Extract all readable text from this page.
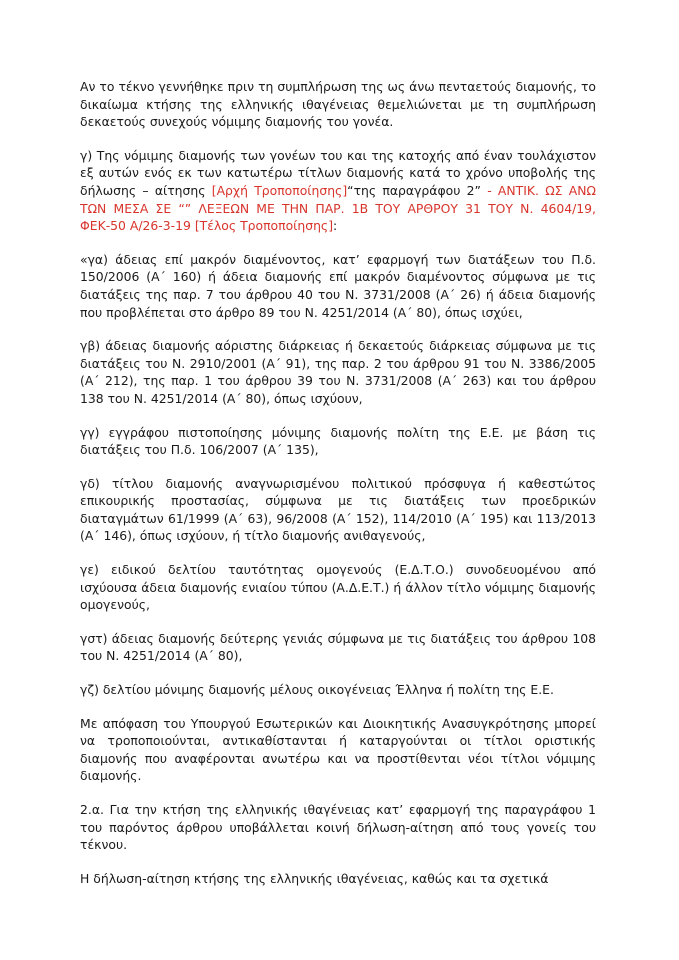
Αν το τέκνο γεννήθηκε πριν τη συμπλήρωση της ως άνω πενταετούς διαμονής, το δικαίωμα κτήσης της ελληνικής ιθαγένειας θεμελιώνεται με τη συμπλήρωση δεκαετούς συνεχούς νόμιμης διαμονής του γονέα.

γ) Της νόμιμης διαμονής των γονέων του και της κατοχής από έναν τουλάχιστον εξ αυτών ενός εκ των κατωτέρω τίτλων διαμονής κατά το χρόνο υποβολής της δήλωσης – αίτησης [Αρχή Τροποποίησης]“της παραγράφου 2” - ΑΝΤΙΚ. ΩΣ ΑΝΩ ΤΩΝ ΜΕΣΑ ΣΕ “” ΛΕΞΕΩΝ ΜΕ ΤΗΝ ΠΑΡ. 1Β ΤΟΥ ΑΡΘΡΟΥ 31 ΤΟΥ Ν. 4604/19, ΦΕΚ-50 Α/26-3-19 [Τέλος Τροποποίησης]:

«γα) άδειας επί μακρόν διαμένοντος, κατ’ εφαρμογή των διατάξεων του Π.δ. 150/2006 (Α΄ 160) ή άδεια διαμονής επί μακρόν διαμένοντος σύμφωνα με τις διατάξεις της παρ. 7 του άρθρου 40 του Ν. 3731/2008 (Α΄ 26) ή άδεια διαμονής που προβλέπεται στο άρθρο 89 του Ν. 4251/2014 (Α΄ 80), όπως ισχύει,

γβ) άδειας διαμονής αόριστης διάρκειας ή δεκαετούς διάρκειας σύμφωνα με τις διατάξεις του Ν. 2910/2001 (Α΄ 91), της παρ. 2 του άρθρου 91 του Ν. 3386/2005 (Α΄ 212), της παρ. 1 του άρθρου 39 του Ν. 3731/2008 (Α΄ 263) και του άρθρου 138 του Ν. 4251/2014 (Α΄ 80), όπως ισχύουν,

γγ) εγγράφου πιστοποίησης μόνιμης διαμονής πολίτη της Ε.Ε. με βάση τις διατάξεις του Π.δ. 106/2007 (Α΄ 135),

γδ) τίτλου διαμονής αναγνωρισμένου πολιτικού πρόσφυγα ή καθεστώτος επικουρικής προστασίας, σύμφωνα με τις διατάξεις των προεδρικών διαταγμάτων 61/1999 (Α΄ 63), 96/2008 (Α΄ 152), 114/2010 (Α΄ 195) και 113/2013 (Α΄ 146), όπως ισχύουν, ή τίτλο διαμονής ανιθαγενούς,

γε) ειδικού δελτίου ταυτότητας ομογενούς (Ε.Δ.Τ.Ο.) συνοδευομένου από ισχύουσα άδεια διαμονής ενιαίου τύπου (Α.Δ.Ε.Τ.) ή άλλον τίτλο νόμιμης διαμονής ομογενούς,

γστ) άδειας διαμονής δεύτερης γενιάς σύμφωνα με τις διατάξεις του άρθρου 108 του Ν. 4251/2014 (Α΄ 80),

γζ) δελτίου μόνιμης διαμονής μέλους οικογένειας Έλληνα ή πολίτη της Ε.Ε.

Με απόφαση του Υπουργού Εσωτερικών και Διοικητικής Ανασυγκρότησης μπορεί να τροποποιούνται, αντικαθίστανται ή καταργούνται οι τίτλοι οριστικής διαμονής που αναφέρονται ανωτέρω και να προστίθενται νέοι τίτλοι νόμιμης διαμονής.

2.α. Για την κτήση της ελληνικής ιθαγένειας κατ’ εφαρμογή της παραγράφου 1 του παρόντος άρθρου υποβάλλεται κοινή δήλωση-αίτηση από τους γονείς του τέκνου.

Η δήλωση-αίτηση κτήσης της ελληνικής ιθαγένειας, καθώς και τα σχετικά
